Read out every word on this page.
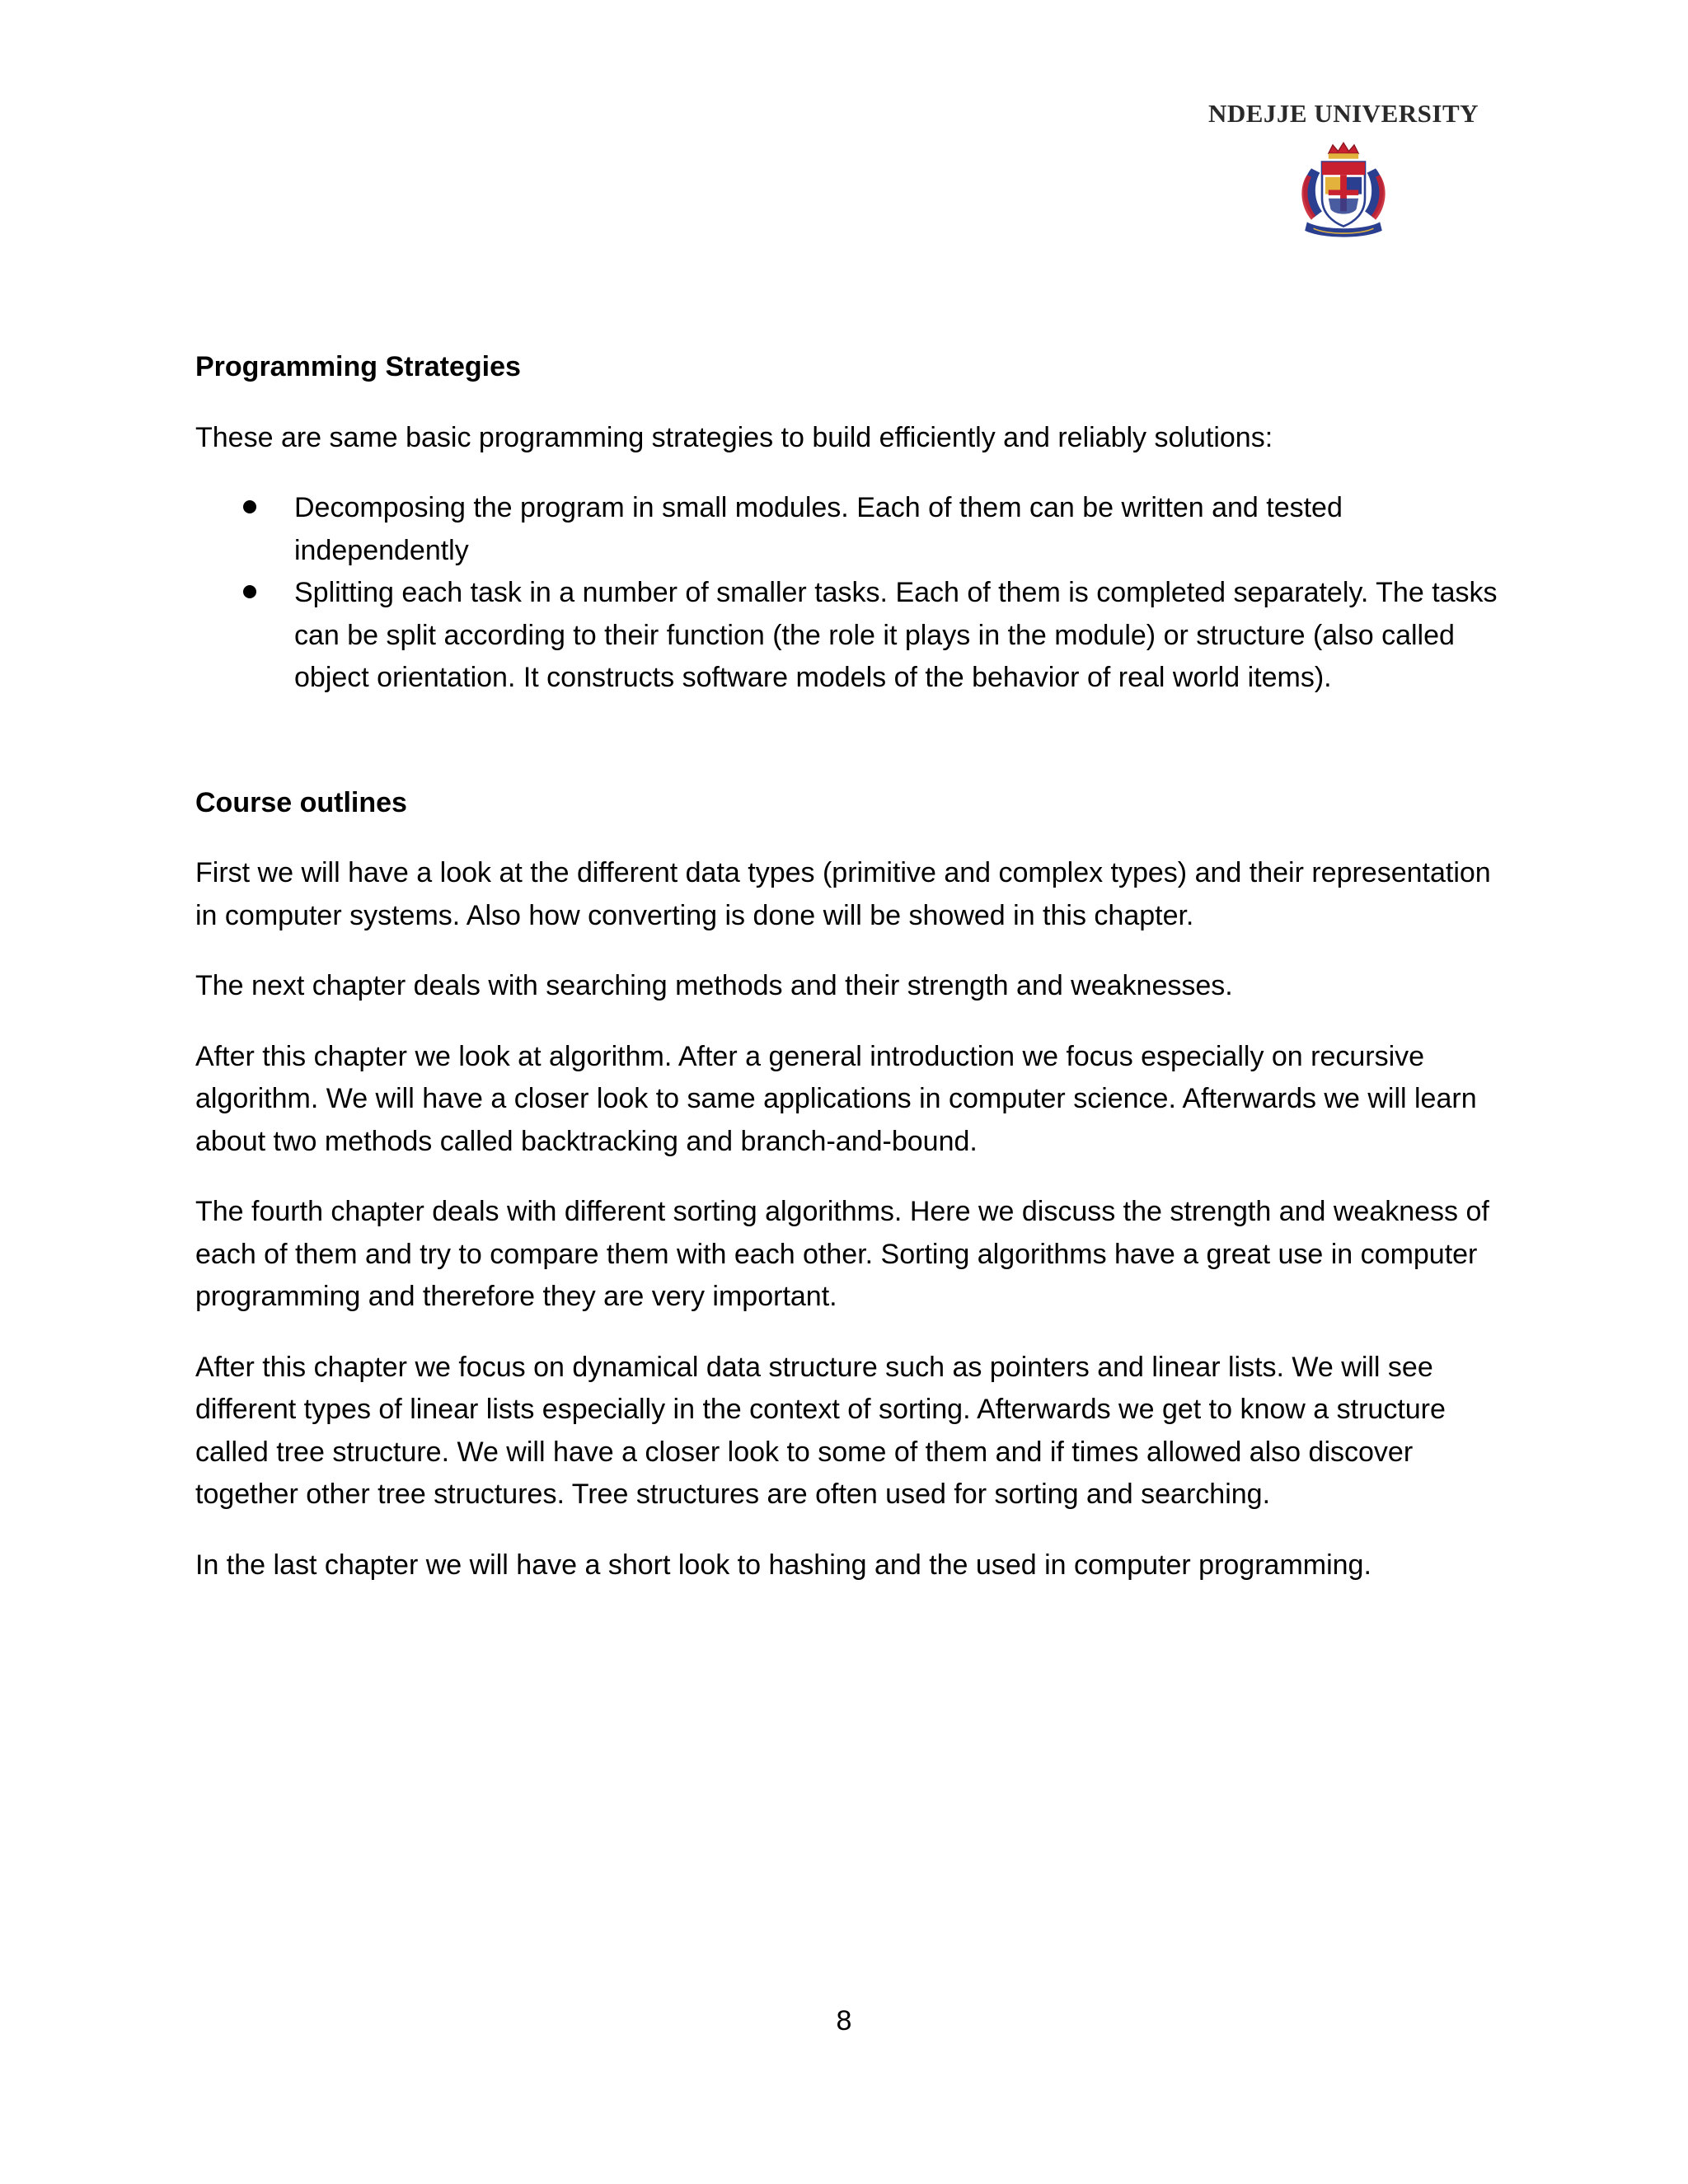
NDEJJE UNIVERSITY
Programming Strategies

These are same basic programming strategies to build efficiently and reliably solutions:

Decomposing the program in small modules. Each of them can be written and tested independently
Splitting each task in a number of smaller tasks. Each of them is completed separately. The tasks can be split according to their function (the role it plays in the module) or structure (also called object orientation. It constructs software models of the behavior of real world items).
Course outlines

First we will have a look at the different data types (primitive and complex types) and their representation in computer systems. Also how converting is done will be showed in this chapter.

The next chapter deals with searching methods and their strength and weaknesses.

After this chapter we look at algorithm. After a general introduction we focus especially on recursive algorithm. We will have a closer look to same applications in computer science. Afterwards we will learn about two methods called backtracking and branch-and-bound.

The fourth chapter deals with different sorting algorithms. Here we discuss the strength and weakness of each of them and try to compare them with each other. Sorting algorithms have a great use in computer programming and therefore they are very important.

After this chapter we focus on dynamical data structure such as pointers and linear lists. We will see different types of linear lists especially in the context of sorting. Afterwards we get to know a structure called tree structure. We will have a closer look to some of them and if times allowed also discover together other tree structures. Tree structures are often used for sorting and searching.

In the last chapter we will have a short look to hashing and the used in computer programming.

8
